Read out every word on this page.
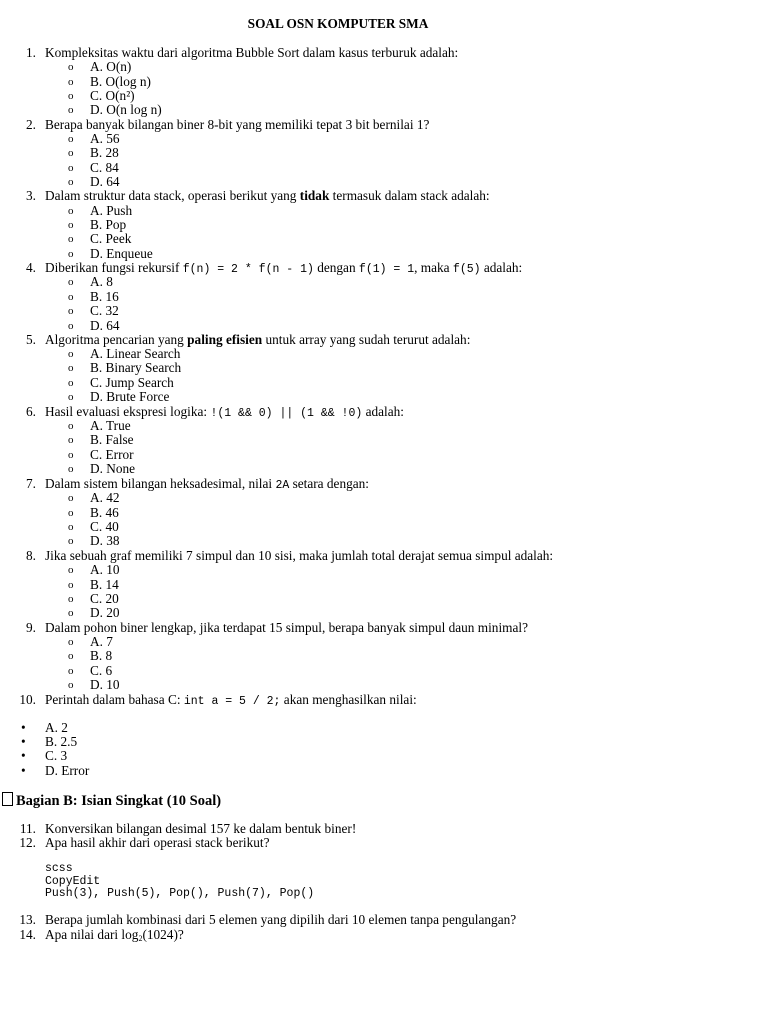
SOAL OSN KOMPUTER SMA
1. Kompleksitas waktu dari algoritma Bubble Sort dalam kasus terburuk adalah:
o A. O(n)
o B. O(log n)
o C. O(n²)
o D. O(n log n)
2. Berapa banyak bilangan biner 8-bit yang memiliki tepat 3 bit bernilai 1?
o A. 56
o B. 28
o C. 84
o D. 64
3. Dalam struktur data stack, operasi berikut yang tidak termasuk dalam stack adalah:
o A. Push
o B. Pop
o C. Peek
o D. Enqueue
4. Diberikan fungsi rekursif f(n) = 2 * f(n - 1) dengan f(1) = 1, maka f(5) adalah:
o A. 8
o B. 16
o C. 32
o D. 64
5. Algoritma pencarian yang paling efisien untuk array yang sudah terurut adalah:
o A. Linear Search
o B. Binary Search
o C. Jump Search
o D. Brute Force
6. Hasil evaluasi ekspresi logika: !(1 && 0) || (1 && !0) adalah:
o A. True
o B. False
o C. Error
o D. None
7. Dalam sistem bilangan heksadesimal, nilai 2A setara dengan:
o A. 42
o B. 46
o C. 40
o D. 38
8. Jika sebuah graf memiliki 7 simpul dan 10 sisi, maka jumlah total derajat semua simpul adalah:
o A. 10
o B. 14
o C. 20
o D. 20
9. Dalam pohon biner lengkap, jika terdapat 15 simpul, berapa banyak simpul daun minimal?
o A. 7
o B. 8
o C. 6
o D. 10
10. Perintah dalam bahasa C: int a = 5 / 2; akan menghasilkan nilai:
• A. 2
• B. 2.5
• C. 3
• D. Error
Bagian B: Isian Singkat (10 Soal)
11. Konversikan bilangan desimal 157 ke dalam bentuk biner!
12. Apa hasil akhir dari operasi stack berikut?
scss
CopyEdit
Push(3), Push(5), Pop(), Push(7), Pop()
13. Berapa jumlah kombinasi dari 5 elemen yang dipilih dari 10 elemen tanpa pengulangan?
14. Apa nilai dari $\log_2(1024)$?
